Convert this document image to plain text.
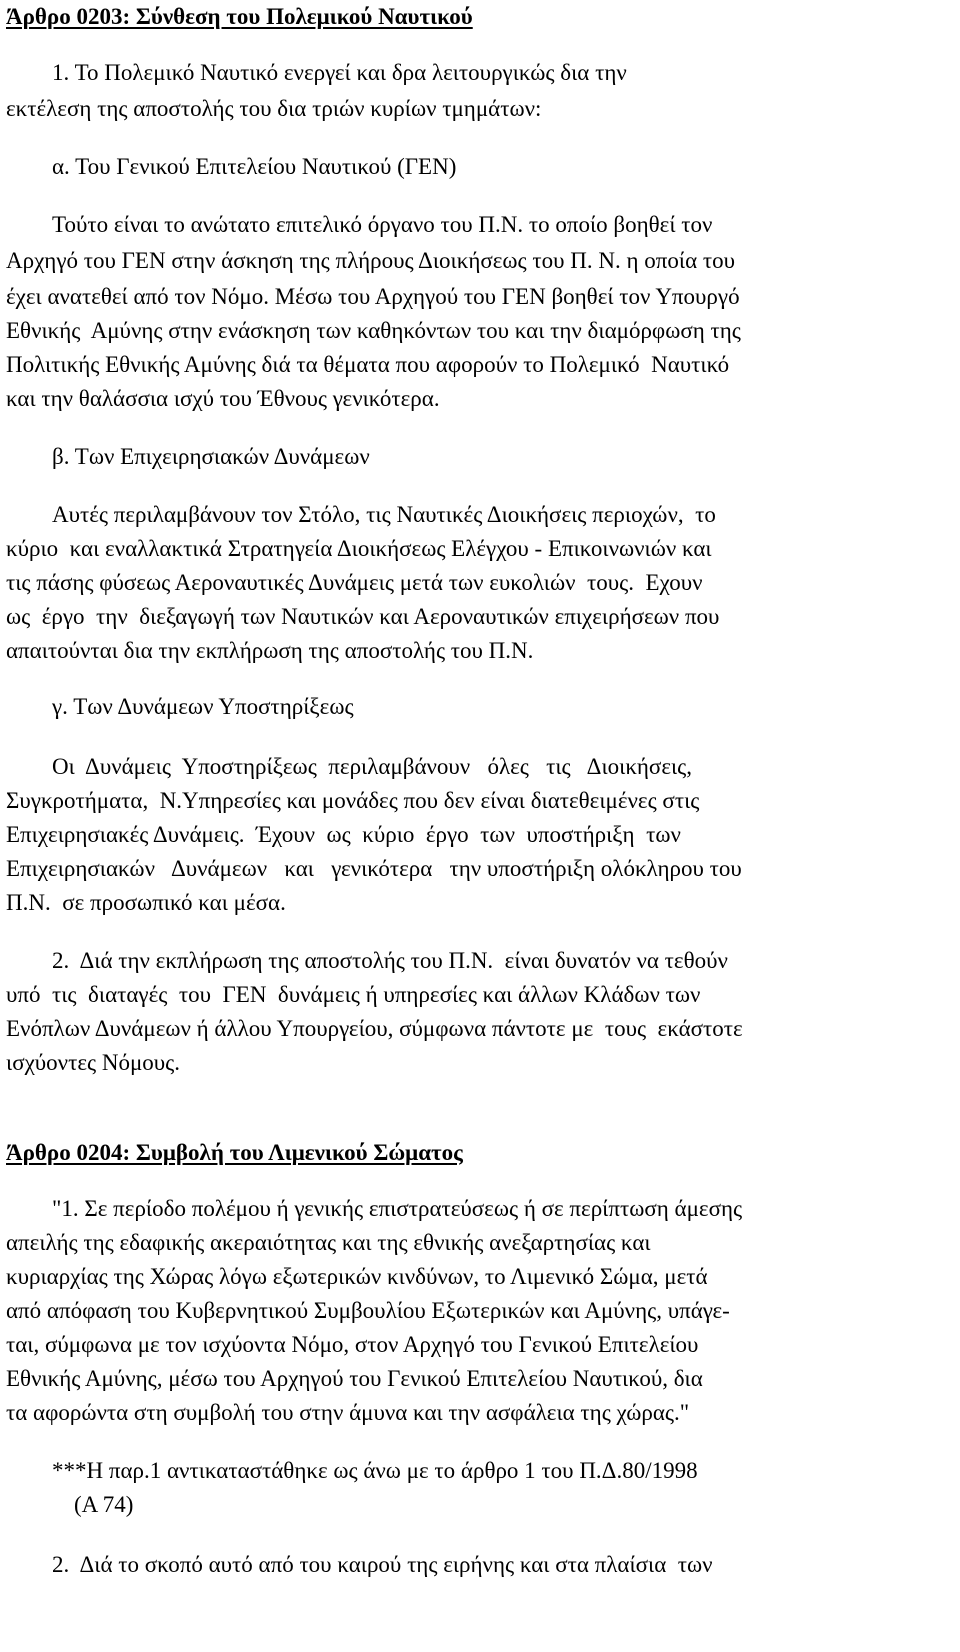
Άρθρο 0203: Σύνθεση του Πολεμικού Ναυτικού
1. Το Πολεμικό Ναυτικό ενεργεί και δρα λειτουργικώς δια την
εκτέλεση της αποστολής του δια τριών κυρίων τμημάτων:
α. Του Γενικού Επιτελείου Ναυτικού (ΓΕΝ)
Τούτο είναι το ανώτατο επιτελικό όργανο του Π.Ν. το οποίο βοηθεί τον
Αρχηγό του ΓΕΝ στην άσκηση της πλήρους Διοικήσεως του Π. Ν. η οποία του
έχει ανατεθεί από τον Νόμο. Μέσω του Αρχηγού του ΓΕΝ βοηθεί τον Υπουργό
Εθνικής  Αμύνης στην ενάσκηση των καθηκόντων του και την διαμόρφωση της
Πολιτικής Εθνικής Αμύνης διά τα θέματα που αφορούν το Πολεμικό  Ναυτικό
και την θαλάσσια ισχύ του Έθνους γενικότερα.
β. Των Επιχειρησιακών Δυνάμεων
Αυτές περιλαμβάνουν τον Στόλο, τις Ναυτικές Διοικήσεις περιοχών,  το
κύριο  και εναλλακτικά Στρατηγεία Διοικήσεως Ελέγχου - Επικοινωνιών και
τις πάσης φύσεως Αεροναυτικές Δυνάμεις μετά των ευκολιών  τους.  Εχουν
ως  έργο  την  διεξαγωγή των Ναυτικών και Αεροναυτικών επιχειρήσεων που
απαιτούνται δια την εκπλήρωση της αποστολής του Π.Ν.
γ. Των Δυνάμεων Υποστηρίξεως
Οι  Δυνάμεις  Υποστηρίξεως  περιλαμβάνουν   όλες   τις   Διοικήσεις,
Συγκροτήματα,  Ν.Υπηρεσίες και μονάδες που δεν είναι διατεθειμένες στις
Επιχειρησιακές Δυνάμεις.  Έχουν  ως  κύριο  έργο  των  υποστήριξη  των
Επιχειρησιακών   Δυνάμεων   και   γενικότερα   την υποστήριξη ολόκληρου του
Π.Ν.  σε προσωπικό και μέσα.
2.  Διά την εκπλήρωση της αποστολής του Π.Ν.  είναι δυνατόν να τεθούν
υπό  τις  διαταγές  του  ΓΕΝ  δυνάμεις ή υπηρεσίες και άλλων Κλάδων των
Ενόπλων Δυνάμεων ή άλλου Υπουργείου, σύμφωνα πάντοτε με  τους  εκάστοτε
ισχύοντες Νόμους.
Άρθρο 0204: Συμβολή του Λιμενικού Σώματος
"1. Σε περίοδο πολέμου ή γενικής επιστρατεύσεως ή σε περίπτωση άμεσης
απειλής της εδαφικής ακεραιότητας και της εθνικής ανεξαρτησίας και
κυριαρχίας της Χώρας λόγω εξωτερικών κινδύνων, το Λιμενικό Σώμα, μετά
από απόφαση του Κυβερνητικού Συμβουλίου Εξωτερικών και Αμύνης, υπάγε-
ται, σύμφωνα με τον ισχύοντα Νόμο, στον Αρχηγό του Γενικού Επιτελείου
Εθνικής Αμύνης, μέσω του Αρχηγού του Γενικού Επιτελείου Ναυτικού, δια
τα αφορώντα στη συμβολή του στην άμυνα και την ασφάλεια της χώρας."
***Η παρ.1 αντικαταστάθηκε ως άνω με το άρθρο 1 του Π.Δ.80/1998
(Α 74)
2.  Διά το σκοπό αυτό από του καιρού της ειρήνης και στα πλαίσια  των
